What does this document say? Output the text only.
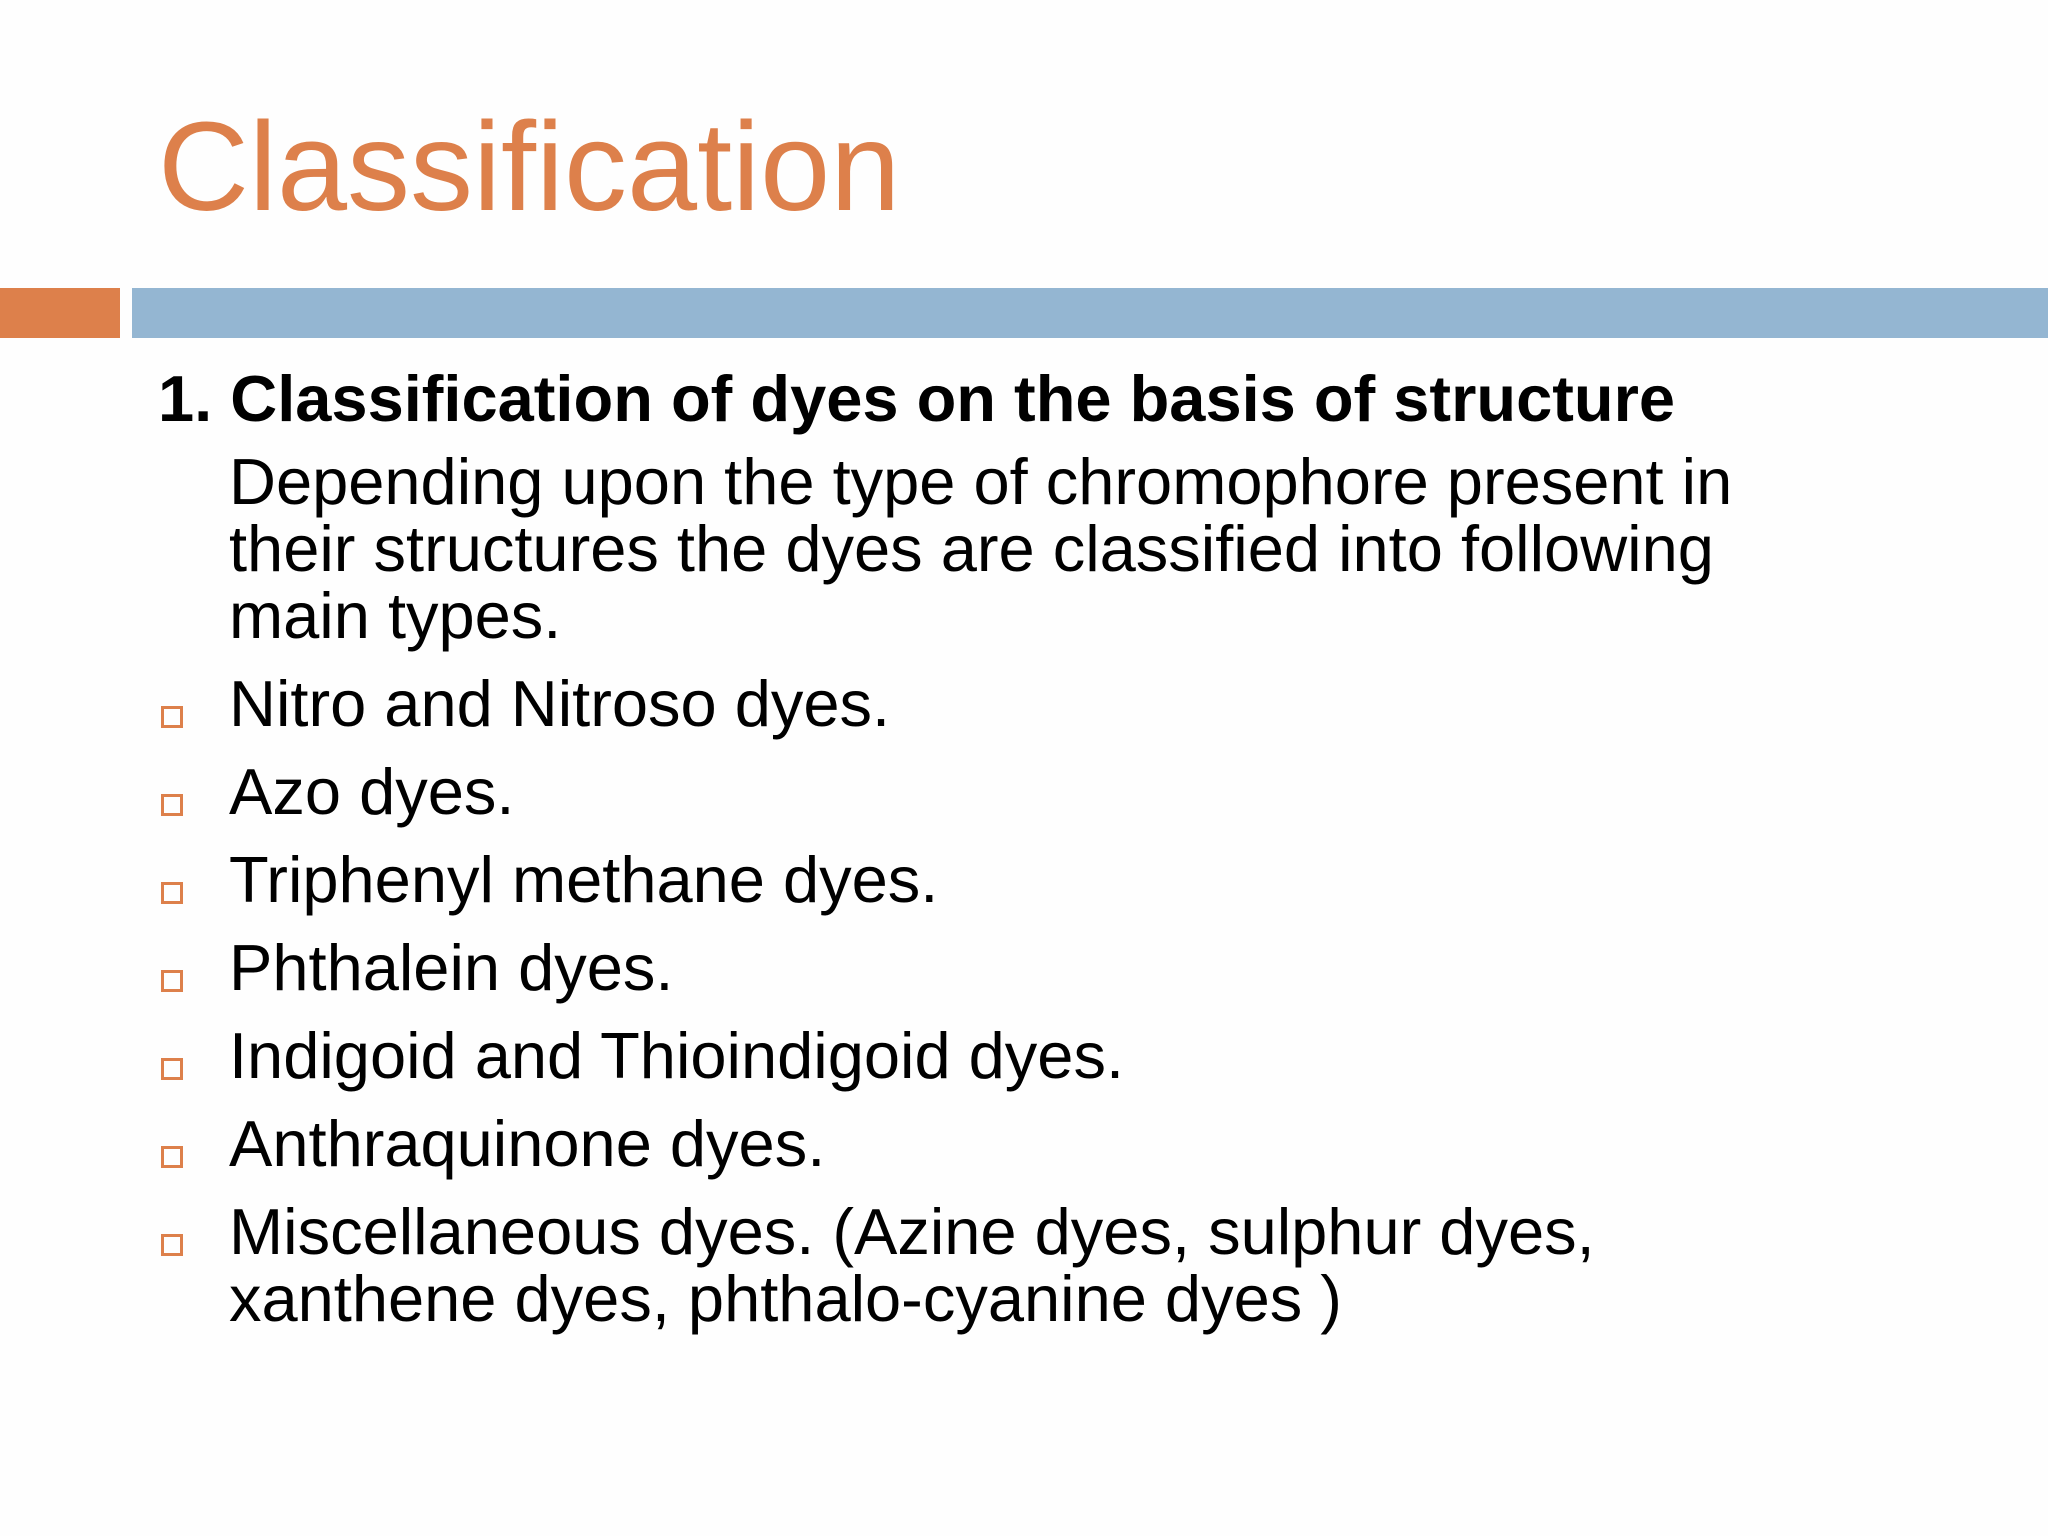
Classification
1. Classification of dyes on the basis of structure
Depending upon the type of chromophore present in
their structures the dyes are classified into following
main types.
Nitro and Nitroso dyes.
Azo dyes.
Triphenyl methane dyes.
Phthalein dyes.
Indigoid and Thioindigoid dyes.
Anthraquinone dyes.
Miscellaneous dyes. (Azine dyes, sulphur dyes,
xanthene dyes, phthalo-cyanine dyes )
